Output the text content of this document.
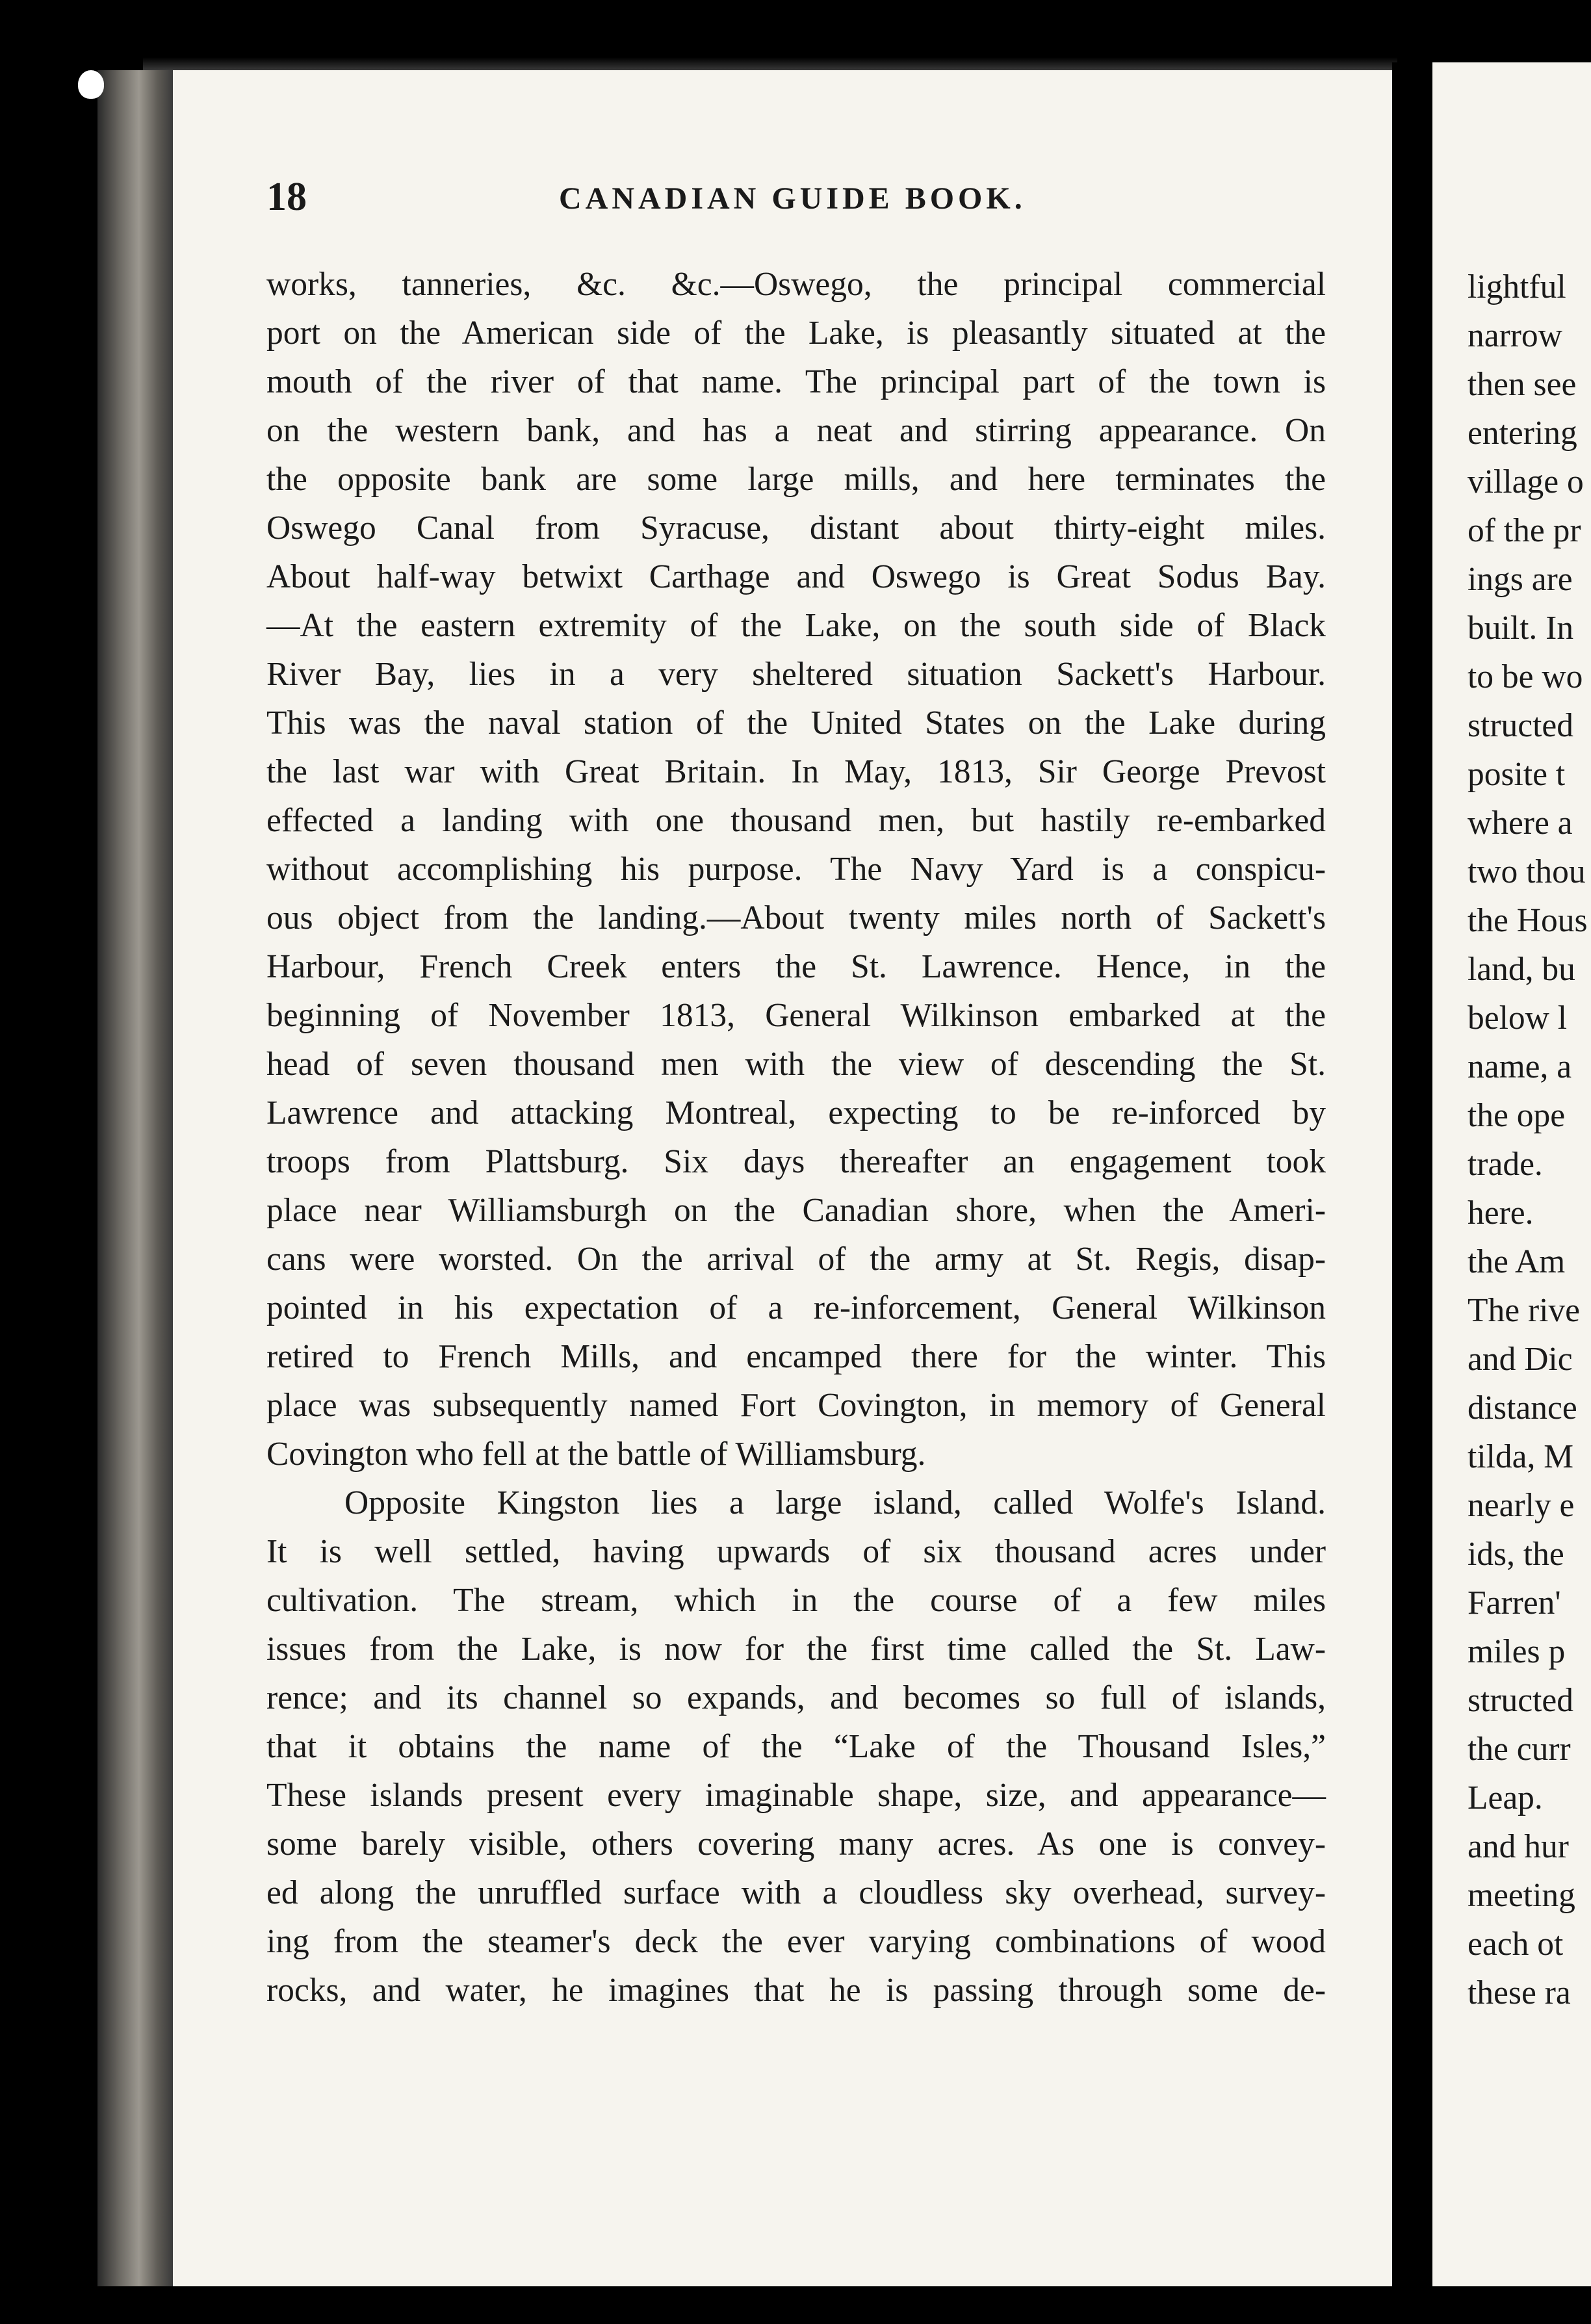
18	CANADIAN GUIDE BOOK.

works, tanneries, &c. &c.—Oswego, the principal commercial
port on the American side of the Lake, is pleasantly situated at the
mouth of the river of that name. The principal part of the town is
on the western bank, and has a neat and stirring appearance. On
the opposite bank are some large mills, and here terminates the
Oswego Canal from Syracuse, distant about thirty-eight miles.
About half-way betwixt Carthage and Oswego is Great Sodus Bay.
—At the eastern extremity of the Lake, on the south side of Black
River Bay, lies in a very sheltered situation Sackett's Harbour.
This was the naval station of the United States on the Lake during
the last war with Great Britain. In May, 1813, Sir George Prevost
effected a landing with one thousand men, but hastily re-embarked
without accomplishing his purpose. The Navy Yard is a conspicu-
ous object from the landing.—About twenty miles north of Sackett's
Harbour, French Creek enters the St. Lawrence. Hence, in the
beginning of November 1813, General Wilkinson embarked at the
head of seven thousand men with the view of descending the St.
Lawrence and attacking Montreal, expecting to be re-inforced by
troops from Plattsburg. Six days thereafter an engagement took
place near Williamsburgh on the Canadian shore, when the Ameri-
cans were worsted. On the arrival of the army at St. Regis, disap-
pointed in his expectation of a re-inforcement, General Wilkinson
retired to French Mills, and encamped there for the winter. This
place was subsequently named Fort Covington, in memory of General
Covington who fell at the battle of Williamsburg.

Opposite Kingston lies a large island, called Wolfe's Island.
It is well settled, having upwards of six thousand acres under
cultivation. The stream, which in the course of a few miles
issues from the Lake, is now for the first time called the St. Law-
rence; and its channel so expands, and becomes so full of islands,
that it obtains the name of the “Lake of the Thousand Isles,”
These islands present every imaginable shape, size, and appearance—
some barely visible, others covering many acres. As one is convey-
ed along the unruffled surface with a cloudless sky overhead, survey-
ing from the steamer's deck the ever varying combinations of wood
rocks, and water, he imagines that he is passing through some de-

lightful
narrow
then see
entering
village o
of the pr
ings are
built. In
to be wo
structed
posite t
where a
two thou
the Hous
land, bu
below l
name, a
the ope
trade.
here.
the Am
The rive
and Dic
distance
tilda, M
nearly e
ids, the
Farren'
miles p
structed
the curr
Leap.
and hur
meeting
each ot
these ra
